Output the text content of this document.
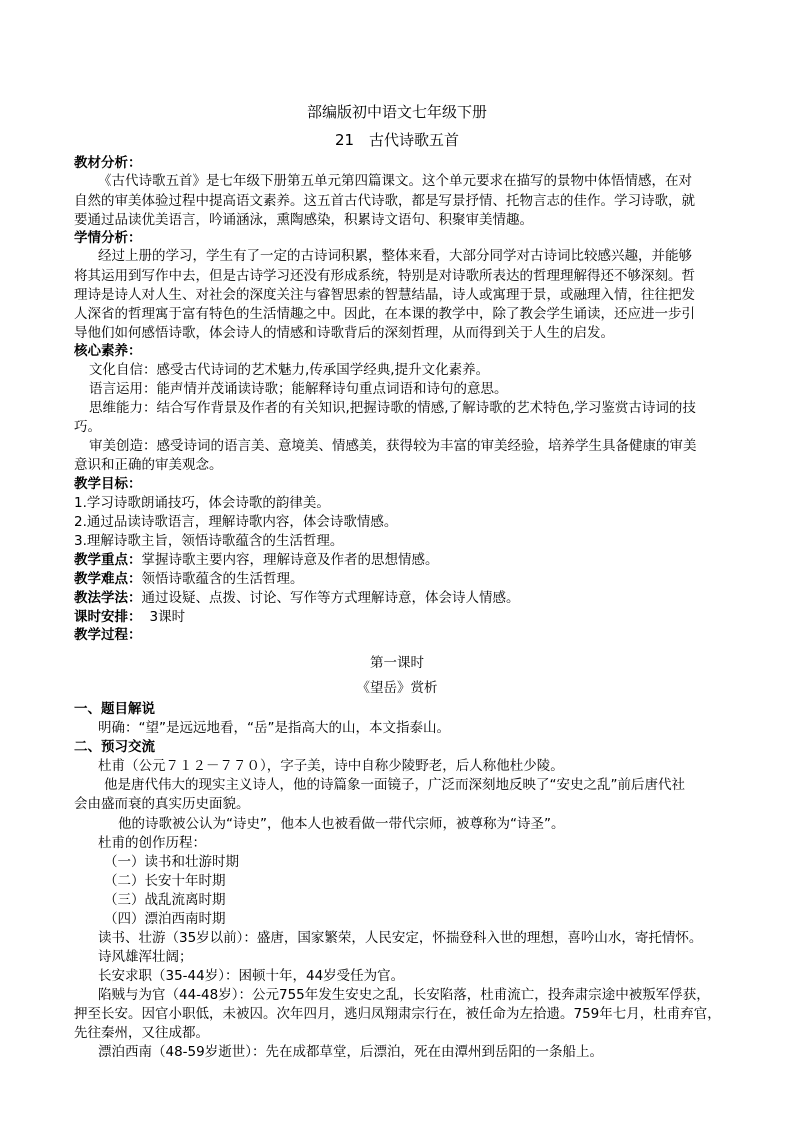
部编版初中语文七年级下册
21　古代诗歌五首
教材分析：
《古代诗歌五首》是七年级下册第五单元第四篇课文。这个单元要求在描写的景物中体悟情感，在对
自然的审美体验过程中提高语文素养。这五首古代诗歌，都是写景抒情、托物言志的佳作。学习诗歌，就
要通过品读优美语言，吟诵涵泳，熏陶感染，积累诗文语句、积聚审美情趣。
学情分析：
经过上册的学习，学生有了一定的古诗词积累，整体来看，大部分同学对古诗词比较感兴趣，并能够
将其运用到写作中去，但是古诗学习还没有形成系统，特别是对诗歌所表达的哲理理解得还不够深刻。哲
理诗是诗人对人生、对社会的深度关注与睿智思索的智慧结晶，诗人或寓理于景，或融理入情，往往把发
人深省的哲理寓于富有特色的生活情趣之中。因此，在本课的教学中，除了教会学生诵读，还应进一步引
导他们如何感悟诗歌，体会诗人的情感和诗歌背后的深刻哲理，从而得到关于人生的启发。
核心素养：
文化自信：感受古代诗词的艺术魅力,传承国学经典,提升文化素养。
语言运用：能声情并茂诵读诗歌；能解释诗句重点词语和诗句的意思。
思维能力：结合写作背景及作者的有关知识,把握诗歌的情感,了解诗歌的艺术特色,学习鉴赏古诗词的技
巧。
审美创造：感受诗词的语言美、意境美、情感美，获得较为丰富的审美经验，培养学生具备健康的审美
意识和正确的审美观念。
教学目标：
1.学习诗歌朗诵技巧，体会诗歌的韵律美。
2.通过品读诗歌语言，理解诗歌内容，体会诗歌情感。
3.理解诗歌主旨，领悟诗歌蕴含的生活哲理。
教学重点：掌握诗歌主要内容，理解诗意及作者的思想情感。
教学难点：领悟诗歌蕴含的生活哲理。
教法学法：通过设疑、点拨、讨论、写作等方式理解诗意，体会诗人情感。
课时安排： 3课时
教学过程：
第一课时
《望岳》赏析
一、题目解说
明确：“望”是远远地看，“岳”是指高大的山，本文指泰山。
二、预习交流
杜甫（公元７１２－７７０），字子美，诗中自称少陵野老，后人称他杜少陵。
他是唐代伟大的现实主义诗人，他的诗篇象一面镜子，广泛而深刻地反映了“安史之乱”前后唐代社
会由盛而衰的真实历史面貌。
他的诗歌被公认为“诗史”，他本人也被看做一带代宗师，被尊称为“诗圣”。
杜甫的创作历程：
（一）读书和壮游时期
（二）长安十年时期
（三）战乱流离时期
（四）漂泊西南时期
读书、壮游（35岁以前）：盛唐，国家繁荣，人民安定，怀揣登科入世的理想，喜吟山水，寄托情怀。
诗风雄浑壮阔；
长安求职（35-44岁）：困顿十年，44岁受任为官。
陷贼与为官（44-48岁）：公元755年发生安史之乱，长安陷落，杜甫流亡，投奔肃宗途中被叛军俘获，
押至长安。因官小职低，未被囚。次年四月，逃归凤翔肃宗行在，被任命为左拾遗。759年七月，杜甫弃官，
先往秦州，又往成都。
漂泊西南（48-59岁逝世）：先在成都草堂，后漂泊，死在由潭州到岳阳的一条船上。
